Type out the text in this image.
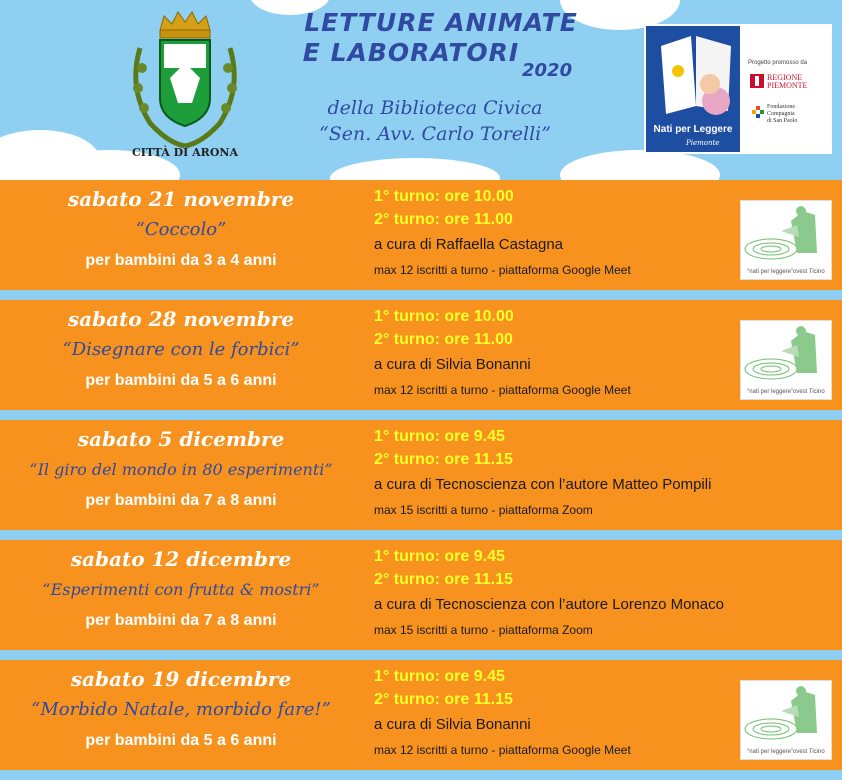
CITTÀ DI ARONA
LETTURE ANIMATE
E LABORATORI
2020
della Biblioteca Civica
“Sen. Avv. Carlo Torelli”	Nati per Leggere
Piemonte
Progetto promosso da
REGIONE
PIEMONTE
Fondazione
Compagnia
di San Paolo
sabato 21 novembre
“Coccolo”
per bambini da 3 a 4 anni
1° turno: ore 10.00
2° turno: ore 11.00
a cura di Raffaella Castagna
max 12 iscritti a turno - piattaforma Google Meet	“nati per leggere”ovest Ticino
sabato 28 novembre
“Disegnare con le forbici”
per bambini da 5 a 6 anni
1° turno: ore 10.00
2° turno: ore 11.00
a cura di Silvia Bonanni
max 12 iscritti a turno - piattaforma Google Meet	“nati per leggere”ovest Ticino
sabato 5 dicembre
“Il giro del mondo in 80 esperimenti”
per bambini da 7 a 8 anni
1° turno: ore 9.45
2° turno: ore 11.15
a cura di Tecnoscienza con l’autore Matteo Pompili
max 15 iscritti a turno - piattaforma Zoom
sabato 12 dicembre
“Esperimenti con frutta & mostri”
per bambini da 7 a 8 anni
1° turno: ore 9.45
2° turno: ore 11.15
a cura di Tecnoscienza con l’autore Lorenzo Monaco
max 15 iscritti a turno - piattaforma Zoom
sabato 19 dicembre
“Morbido Natale, morbido fare!”
per bambini da 5 a 6 anni
1° turno: ore 9.45
2° turno: ore 11.15
a cura di Silvia Bonanni
max 12 iscritti a turno - piattaforma Google Meet	“nati per leggere”ovest Ticino
